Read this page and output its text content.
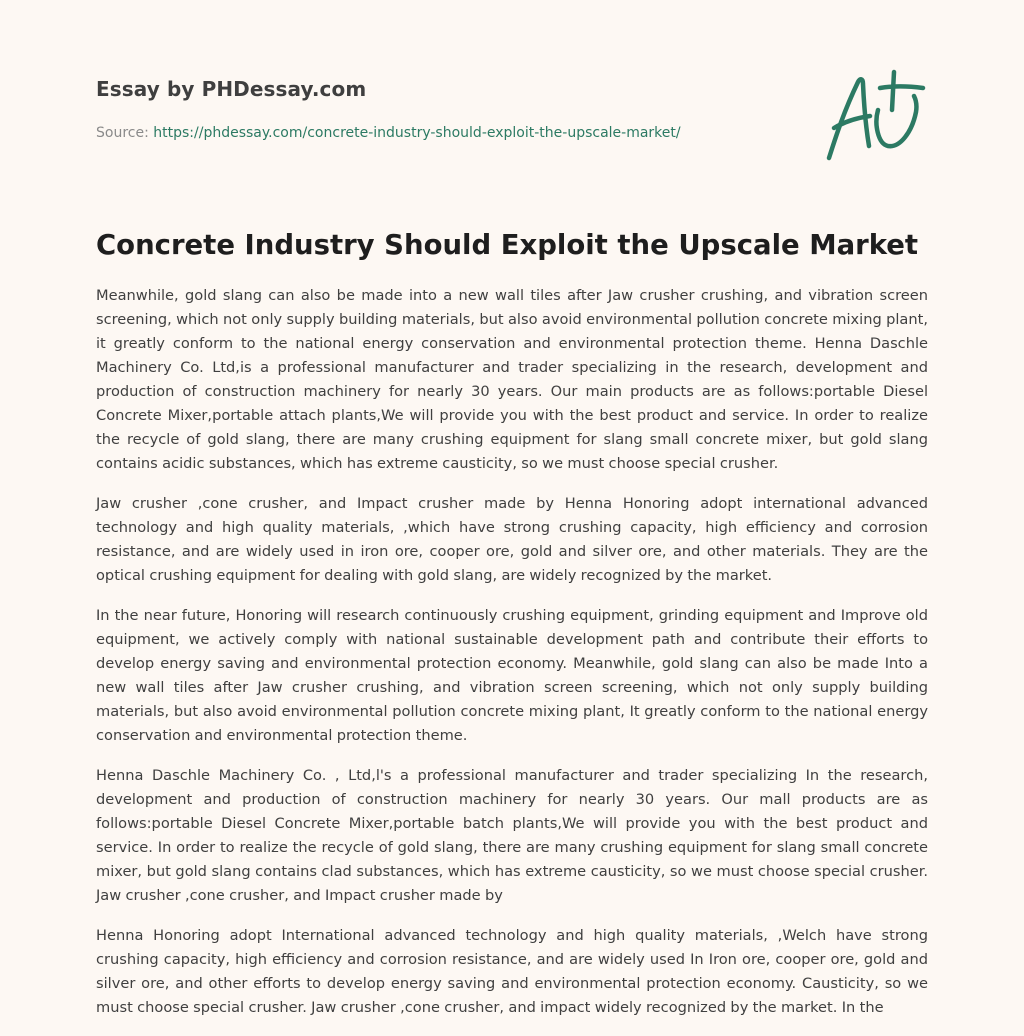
Essay by PHDessay.com
Source: https://phdessay.com/concrete-industry-should-exploit-the-upscale-market/
Concrete Industry Should Exploit the Upscale Market

Meanwhile, gold slang can also be made into a new wall tiles after Jaw crusher crushing, and vibration screen screening, which not only supply building materials, but also avoid environmental pollution concrete mixing plant, it greatly conform to the national energy conservation and environmental protection theme. Henna Daschle Machinery Co. Ltd,is a professional manufacturer and trader specializing in the research, development and production of construction machinery for nearly 30 years. Our main products are as follows:portable Diesel Concrete Mixer,portable attach plants,We will provide you with the best product and service. In order to realize the recycle of gold slang, there are many crushing equipment for slang small concrete mixer, but gold slang contains acidic substances, which has extreme causticity, so we must choose special crusher.

Jaw crusher ,cone crusher, and Impact crusher made by Henna Honoring adopt international advanced technology and high quality materials, ,which have strong crushing capacity, high efficiency and corrosion resistance, and are widely used in iron ore, cooper ore, gold and silver ore, and other materials. They are the optical crushing equipment for dealing with gold slang, are widely recognized by the market.

In the near future, Honoring will research continuously crushing equipment, grinding equipment and Improve old equipment, we actively comply with national sustainable development path and contribute their efforts to develop energy saving and environmental protection economy. Meanwhile, gold slang can also be made Into a new wall tiles after Jaw crusher crushing, and vibration screen screening, which not only supply building materials, but also avoid environmental pollution concrete mixing plant, It greatly conform to the national energy conservation and environmental protection theme.

Henna Daschle Machinery Co. , Ltd,l's a professional manufacturer and trader specializing In the research, development and production of construction machinery for nearly 30 years. Our mall products are as follows:portable Diesel Concrete Mixer,portable batch plants,We will provide you with the best product and service. In order to realize the recycle of gold slang, there are many crushing equipment for slang small concrete mixer, but gold slang contains clad substances, which has extreme causticity, so we must choose special crusher. Jaw crusher ,cone crusher, and Impact crusher made by

Henna Honoring adopt International advanced technology and high quality materials, ,Welch have strong crushing capacity, high efficiency and corrosion resistance, and are widely used In Iron ore, cooper ore, gold and silver ore, and other efforts to develop energy saving and environmental protection economy. Causticity, so we must choose special crusher. Jaw crusher ,cone crusher, and impact widely recognized by the market. In the
